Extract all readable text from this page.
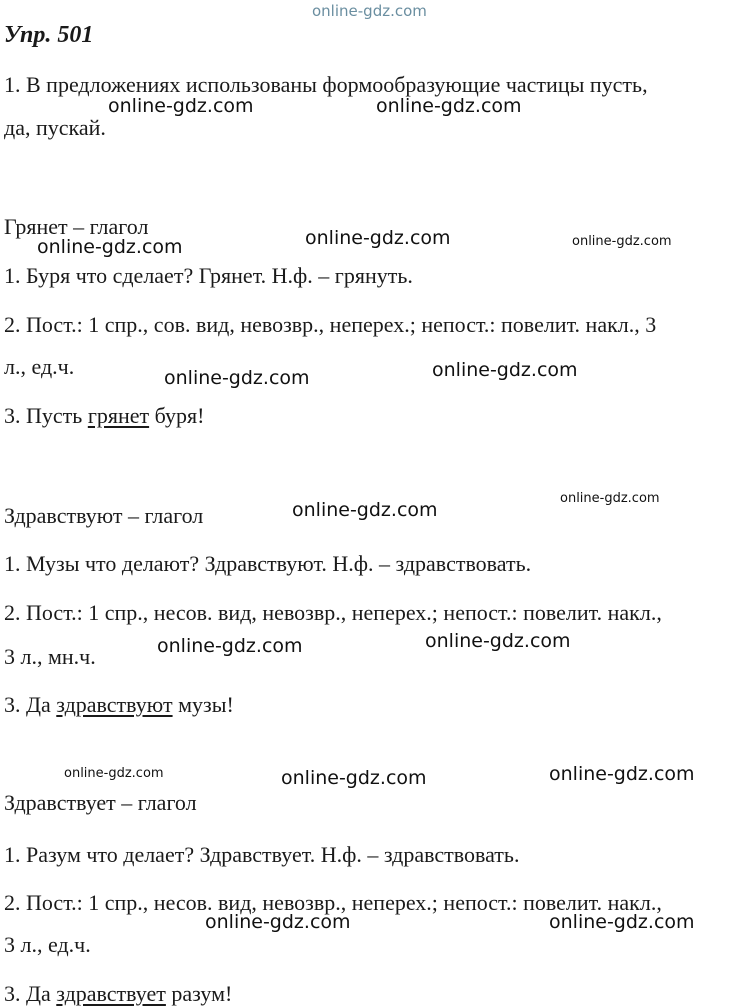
online-gdz.com
Упр. 501
1. В предложениях использованы формообразующие частицы пусть,
да, пускай.
Грянет – глагол
1. Буря что сделает? Грянет. Н.ф. – грянуть.
2. Пост.: 1 спр., сов. вид, невозвр., неперех.; непост.: повелит. накл., 3
л., ед.ч.
3. Пусть грянет буря!
Здравствуют – глагол
1. Музы что делают? Здравствуют. Н.ф. – здравствовать.
2. Пост.: 1 спр., несов. вид, невозвр., неперех.; непост.: повелит. накл.,
3 л., мн.ч.
3. Да здравствуют музы!
Здравствует – глагол
1. Разум что делает? Здравствует. Н.ф. – здравствовать.
2. Пост.: 1 спр., несов. вид, невозвр., неперех.; непост.: повелит. накл.,
3 л., ед.ч.
3. Да здравствует разум!
online-gdz.com	online-gdz.com
online-gdz.com	online-gdz.com	online-gdz.com
online-gdz.com	online-gdz.com
online-gdz.com
online-gdz.com
online-gdz.com	online-gdz.com
online-gdz.com	online-gdz.com	online-gdz.com
online-gdz.com	online-gdz.com
